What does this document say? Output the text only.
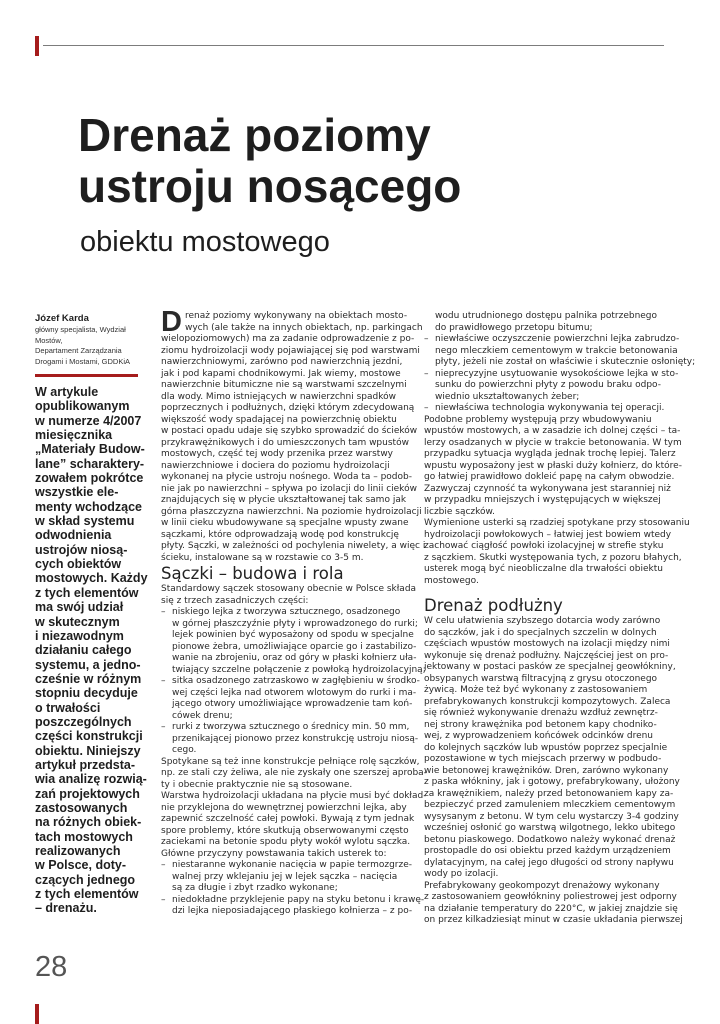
Drenaż poziomy
ustroju nosącego
obiektu mostowego
Józef Karda
główny specjalista, Wydział Mostów,
Departament Zarządzania
Drogami i Mostami, GDDKiA
W artykule
opublikowanym
w numerze 4/2007
miesięcznika
„Materiały Budow-
lane” scharaktery-
zowałem pokrótce
wszystkie ele-
menty wchodzące
w skład systemu
odwodnienia
ustrojów niosą-
cych obiektów
mostowych. Każdy
z tych elementów
ma swój udział
w skutecznym
i niezawodnym
działaniu całego
systemu, a jedno-
cześnie w różnym
stopniu decyduje
o trwałości
poszczególnych
części konstrukcji
obiektu. Niniejszy
artykuł przedsta-
wia analizę rozwią-
zań projektowych
zastosowanych
na różnych obiek-
tach mostowych
realizowanych
w Polsce, doty-
czących jednego
z tych elementów
– drenażu.
D renaż poziomy wykonywany na obiektach mosto-
wych (ale także na innych obiektach, np. parkingach
wielopoziomowych) ma za zadanie odprowadzenie z po-
ziomu hydroizolacji wody pojawiającej się pod warstwami
nawierzchniowymi, zarówno pod nawierzchnią jezdni,
jak i pod kapami chodnikowymi. Jak wiemy, mostowe
nawierzchnie bitumiczne nie są warstwami szczelnymi
dla wody. Mimo istniejących w nawierzchni spadków
poprzecznych i podłużnych, dzięki którym zdecydowaną
większość wody spadającej na powierzchnię obiektu
w postaci opadu udaje się szybko sprowadzić do ścieków
przykrawężnikowych i do umieszczonych tam wpustów
mostowych, część tej wody przenika przez warstwy
nawierzchniowe i dociera do poziomu hydroizolacji
wykonanej na płycie ustroju nośnego. Woda ta – podob-
nie jak po nawierzchni – spływa po izolacji do linii cieków
znajdujących się w płycie ukształtowanej tak samo jak
górna płaszczyzna nawierzchni. Na poziomie hydroizolacji
w linii cieku wbudowywane są specjalne wpusty zwane
sączkami, które odprowadzają wodę pod konstrukcję
płyty. Sączki, w zależności od pochylenia niwelety, a więc i
ścieku, instalowane są w rozstawie co 3-5 m.
Sączki – budowa i rola
Standardowy sączek stosowany obecnie w Polsce składa
się z trzech zasadniczych części:
– niskiego lejka z tworzywa sztucznego, osadzonego
w górnej płaszczyźnie płyty i wprowadzonego do rurki;
lejek powinien być wyposażony od spodu w specjalne
pionowe żebra, umożliwiające oparcie go i zastabilizo-
wanie na zbrojeniu, oraz od góry w płaski kołnierz uła-
twiający szczelne połączenie z powłoką hydroizolacyjną;
– sitka osadzonego zatrzaskowo w zagłębieniu w środko-
wej części lejka nad otworem wlotowym do rurki i ma-
jącego otwory umożliwiające wprowadzenie tam koń-
cówek drenu;
– rurki z tworzywa sztucznego o średnicy min. 50 mm,
przenikającej pionowo przez konstrukcję ustroju niosą-
cego.
Spotykane są też inne konstrukcje pełniące rolę sączków,
np. ze stali czy żeliwa, ale nie zyskały one szerszej aproba-
ty i obecnie praktycznie nie są stosowane.
Warstwa hydroizolacji układana na płycie musi być dokład-
nie przyklejona do wewnętrznej powierzchni lejka, aby
zapewnić szczelność całej powłoki. Bywają z tym jednak
spore problemy, które skutkują obserwowanymi często
zaciekami na betonie spodu płyty wokół wylotu sączka.
Główne przyczyny powstawania takich usterek to:
– niestaranne wykonanie nacięcia w papie termozgrze-
walnej przy wklejaniu jej w lejek sączka – nacięcia
są za długie i zbyt rzadko wykonane;
– niedokładne przyklejenie papy na styku betonu i krawę-
dzi lejka nieposiadającego płaskiego kołnierza – z po-
wodu utrudnionego dostępu palnika potrzebnego
do prawidłowego przetopu bitumu;
– niewłaściwe oczyszczenie powierzchni lejka zabrudzo-
nego mleczkiem cementowym w trakcie betonowania
płyty, jeżeli nie został on właściwie i skutecznie osłonięty;
– nieprecyzyjne usytuowanie wysokościowe lejka w sto-
sunku do powierzchni płyty z powodu braku odpo-
wiednio ukształtowanych żeber;
– niewłaściwa technologia wykonywania tej operacji.
Podobne problemy występują przy wbudowywaniu
wpustów mostowych, a w zasadzie ich dolnej części – ta-
lerzy osadzanych w płycie w trakcie betonowania. W tym
przypadku sytuacja wygląda jednak trochę lepiej. Talerz
wpustu wyposażony jest w płaski duży kołnierz, do które-
go łatwiej prawidłowo dokleić papę na całym obwodzie.
Zazwyczaj czynność ta wykonywana jest staranniej niż
w przypadku mniejszych i występujących w większej
liczbie sączków.
Wymienione usterki są rzadziej spotykane przy stosowaniu
hydroizolacji powłokowych – łatwiej jest bowiem wtedy
zachować ciągłość powłoki izolacyjnej w strefie styku
z sączkiem. Skutki występowania tych, z pozoru błahych,
usterek mogą być nieobliczalne dla trwałości obiektu
mostowego.
Drenaż podłużny
W celu ułatwienia szybszego dotarcia wody zarówno
do sączków, jak i do specjalnych szczelin w dolnych
częściach wpustów mostowych na izolacji między nimi
wykonuje się drenaż podłużny. Najczęściej jest on pro-
jektowany w postaci pasków ze specjalnej geowłókniny,
obsypanych warstwą filtracyjną z grysu otoczonego
żywicą. Może też być wykonany z zastosowaniem
prefabrykowanych konstrukcji kompozytowych. Zaleca
się również wykonywanie drenażu wzdłuż zewnętrz-
nej strony krawężnika pod betonem kapy chodniko-
wej, z wyprowadzeniem końcówek odcinków drenu
do kolejnych sączków lub wpustów poprzez specjalnie
pozostawione w tych miejscach przerwy w podbudo-
wie betonowej krawężników. Dren, zarówno wykonany
z paska włókniny, jak i gotowy, prefabrykowany, ułożony
za krawężnikiem, należy przed betonowaniem kapy za-
bezpieczyć przed zamuleniem mleczkiem cementowym
wysysanym z betonu. W tym celu wystarczy 3-4 godziny
wcześniej osłonić go warstwą wilgotnego, lekko ubitego
betonu piaskowego. Dodatkowo należy wykonać drenaż
prostopadle do osi obiektu przed każdym urządzeniem
dylatacyjnym, na całej jego długości od strony napływu
wody po izolacji.
Prefabrykowany geokompozyt drenażowy wykonany
z zastosowaniem geowłókniny poliestrowej jest odporny
na działanie temperatury do 220°C, w jakiej znajdzie się
on przez kilkadziesiąt minut w czasie układania pierwszej
28
